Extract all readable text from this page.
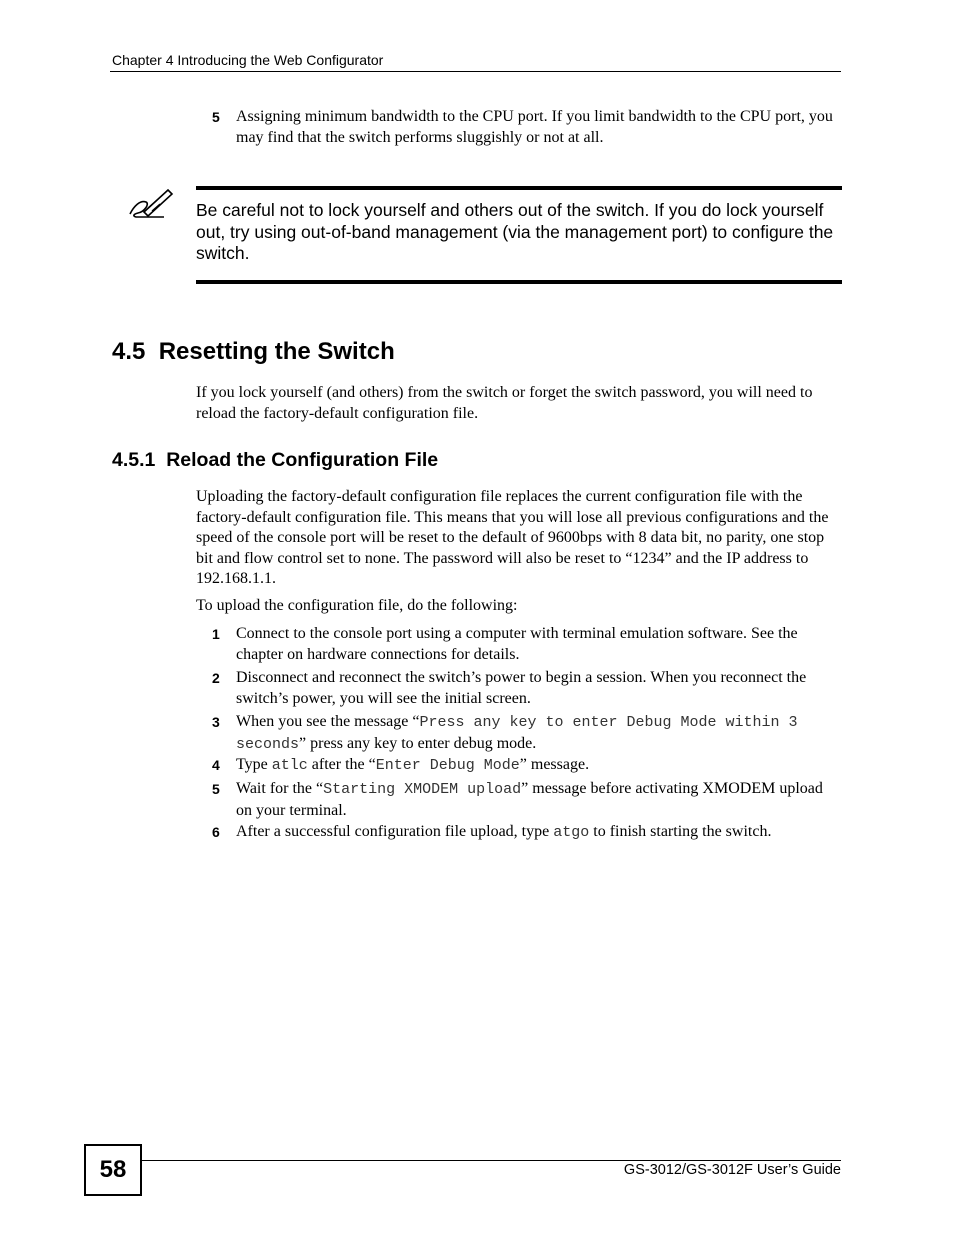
Chapter 4 Introducing the Web Configurator
5 Assigning minimum bandwidth to the CPU port. If you limit bandwidth to the CPU port, you may find that the switch performs sluggishly or not at all.
Be careful not to lock yourself and others out of the switch. If you do lock yourself out, try using out-of-band management (via the management port) to configure the switch.
4.5  Resetting the Switch
If you lock yourself (and others) from the switch or forget the switch password, you will need to reload the factory-default configuration file.
4.5.1  Reload the Configuration File
Uploading the factory-default configuration file replaces the current configuration file with the factory-default configuration file. This means that you will lose all previous configurations and the speed of the console port will be reset to the default of 9600bps with 8 data bit, no parity, one stop bit and flow control set to none. The password will also be reset to “1234” and the IP address to 192.168.1.1.
To upload the configuration file, do the following:
1 Connect to the console port using a computer with terminal emulation software. See the chapter on hardware connections for details.
2 Disconnect and reconnect the switch’s power to begin a session. When you reconnect the switch’s power, you will see the initial screen.
3 When you see the message “Press any key to enter Debug Mode within 3 seconds” press any key to enter debug mode.
4 Type atlc after the “Enter Debug Mode” message.
5 Wait for the “Starting XMODEM upload” message before activating XMODEM upload on your terminal.
6 After a successful configuration file upload, type atgo to finish starting the switch.
58	GS-3012/GS-3012F User’s Guide
